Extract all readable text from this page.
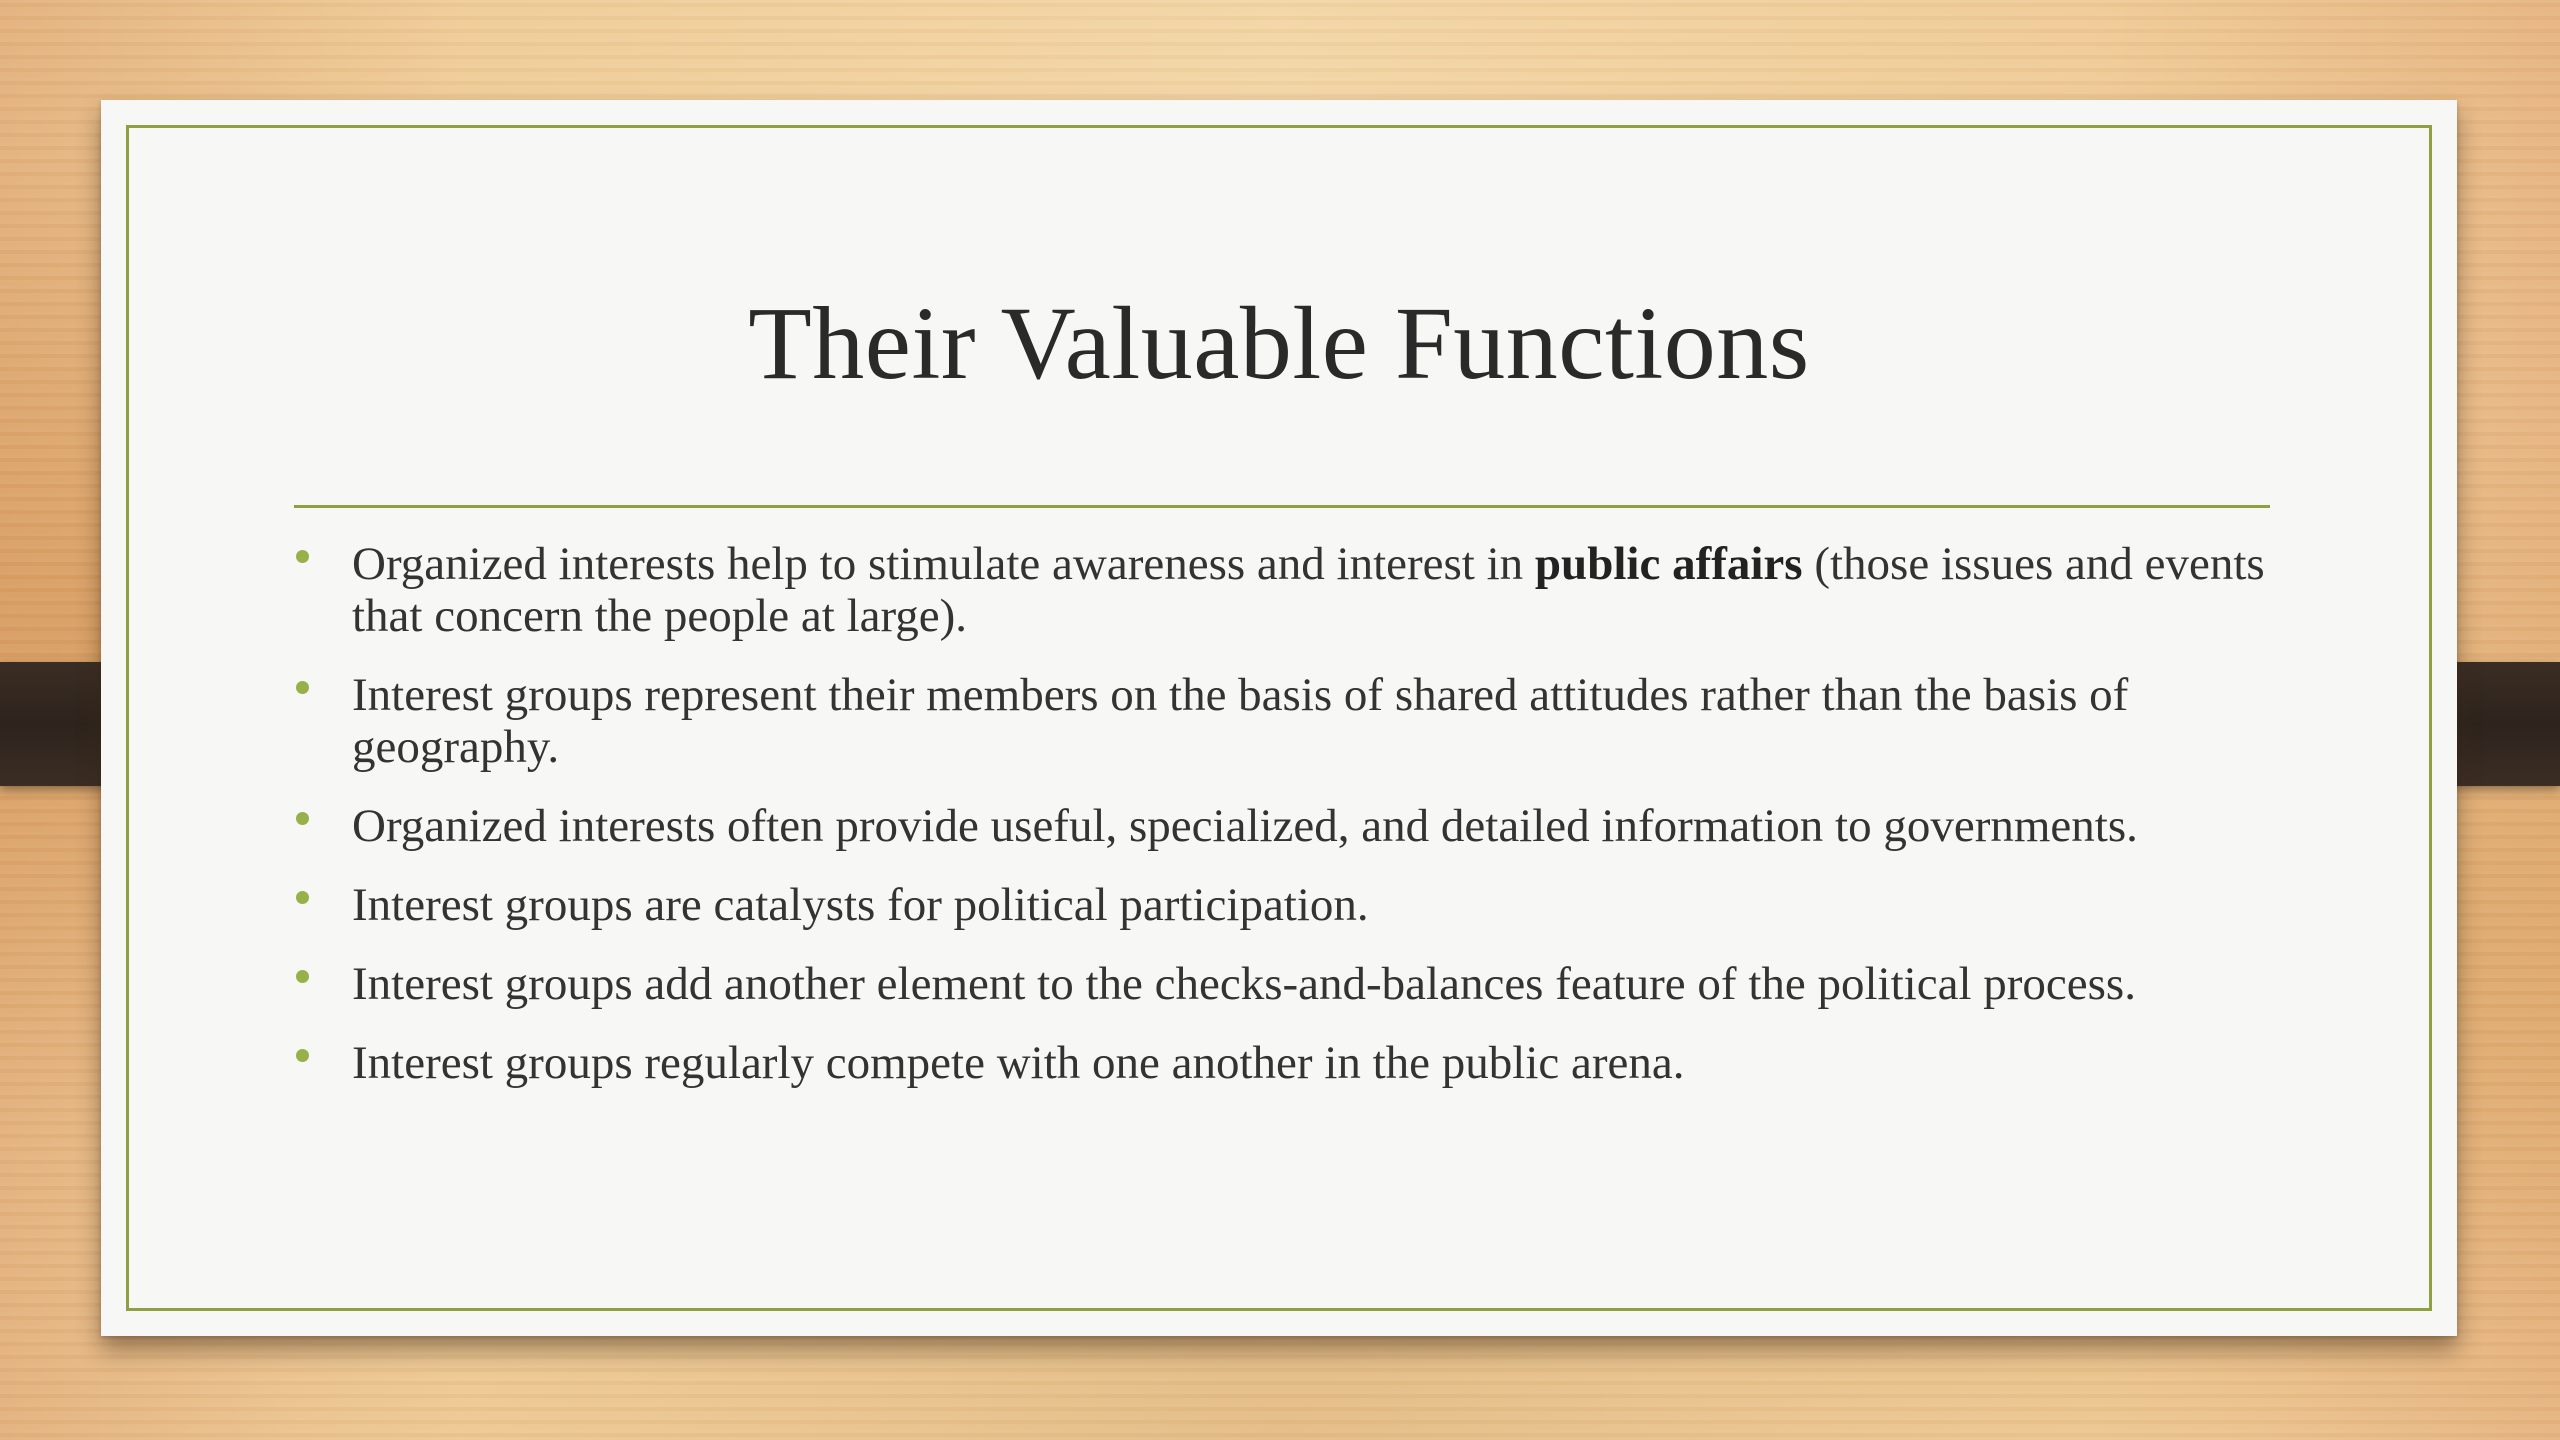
Their Valuable Functions
Organized interests help to stimulate awareness and interest in public affairs (those issues and events that concern the people at large).
Interest groups represent their members on the basis of shared attitudes rather than the basis of geography.
Organized interests often provide useful, specialized, and detailed information to governments.
Interest groups are catalysts for political participation.
Interest groups add another element to the checks-and-balances feature of the political process.
Interest groups regularly compete with one another in the public arena.
